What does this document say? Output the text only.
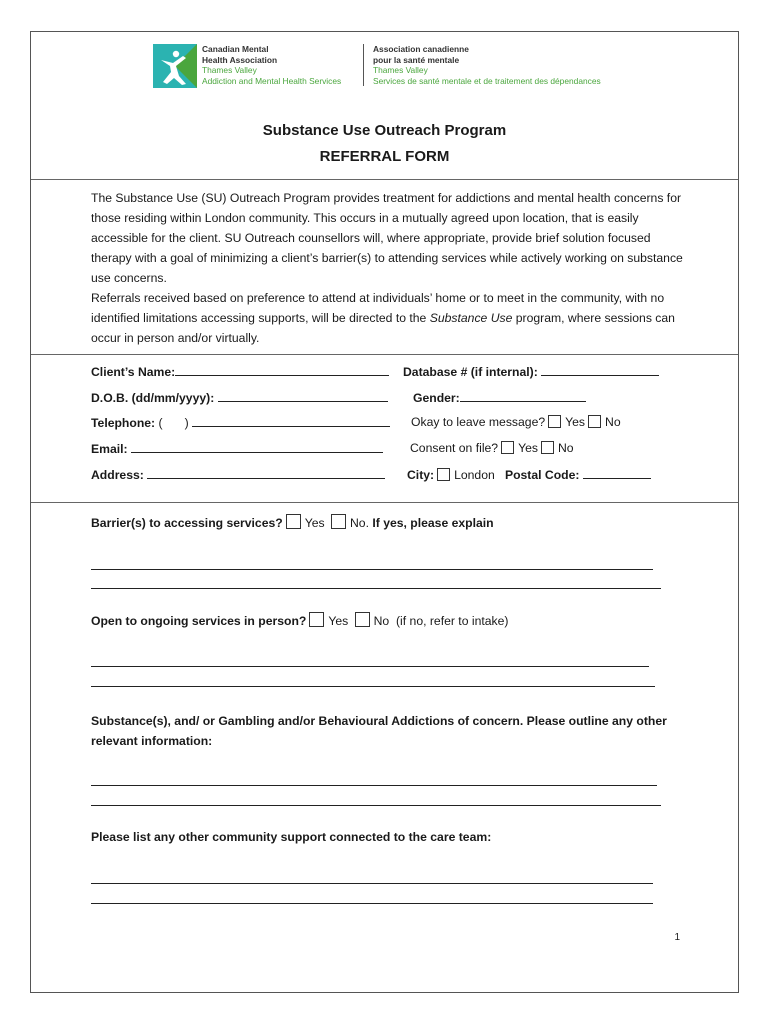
Canadian Mental
Health Association
Thames Valley
Addiction and Mental Health Services
Association canadienne
pour la santé mentale
Thames Valley
Services de santé mentale et de traitement des dépendances
Substance Use Outreach Program
REFERRAL FORM

The Substance Use (SU) Outreach Program provides treatment for addictions and mental health concerns for those residing within London community. This occurs in a mutually agreed upon location, that is easily accessible for the client. SU Outreach counsellors will, where appropriate, provide brief solution focused therapy with a goal of minimizing a client’s barrier(s) to attending services while actively working on substance use concerns.

Referrals received based on preference to attend at individuals’ home or to meet in the community, with no identified limitations accessing supports, will be directed to the Substance Use program, where sessions can occur in person and/or virtually.

Client’s Name:	Database # (if internal):
D.O.B. (dd/mm/yyyy):	Gender:
Telephone: ( )	Okay to leave message? Yes No
Email:	Consent on file? Yes No
Address:	City: London Postal Code:
Barrier(s) to accessing services? Yes No. If yes, please explain
Open to ongoing services in person? Yes No (if no, refer to intake)
Substance(s), and/ or Gambling and/or Behavioural Addictions of concern. Please outline any other relevant information:
Please list any other community support connected to the care team:
1
